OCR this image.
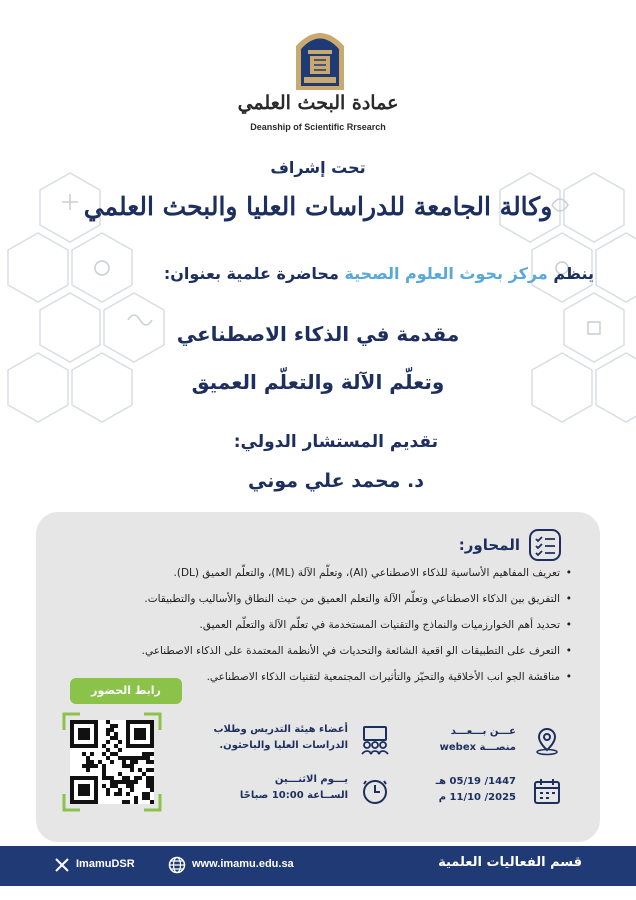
عمادة البحث العلمي
Deanship of Scientific Rrsearch
تحت إشراف
وكالة الجامعة للدراسات العليا والبحث العلمي
ينظم مركز بحوث العلوم الصحية محاضرة علمية بعنوان:
مقدمة في الذكاء الاصطناعي
وتعلّم الآلة والتعلّم العميق
تقديم المستشار الدولي:
د. محمد علي موني
المحاور:
• تعريف المفاهيم الأساسية للذكاء الاصطناعي (AI)، وتعلّم الآلة (ML)، والتعلّم العميق (DL).
• التفريق بين الذكاء الاصطناعي وتعلّم الآلة والتعلم العميق من حيث النطاق والأساليب والتطبيقات.
• تحديد أهم الخوارزميات والنماذج والتقنيات المستخدمة في تعلّم الآلة والتعلّم العميق.
• التعرف على التطبيقات الو اقعية الشائعة والتحديات في الأنظمة المعتمدة على الذكاء الاصطناعي.
• مناقشة الجو انب الأخلاقية والتحيّز والتأثيرات المجتمعية لتقنيات الذكاء الاصطناعي.
عـــن بـــعـــد
منصـــة webex
1447/ 05/19 هـ
2025/ 11/10 م
أعضاء هيئة التدريس وطلاب
الدراسات العليا والباحثون.
يـــوم الاثنـــين
الســاعة 10:00 صباحًا
رابط الحضور
ImamuDSR	www.imamu.edu.sa	قسم الفعاليات العلمية
